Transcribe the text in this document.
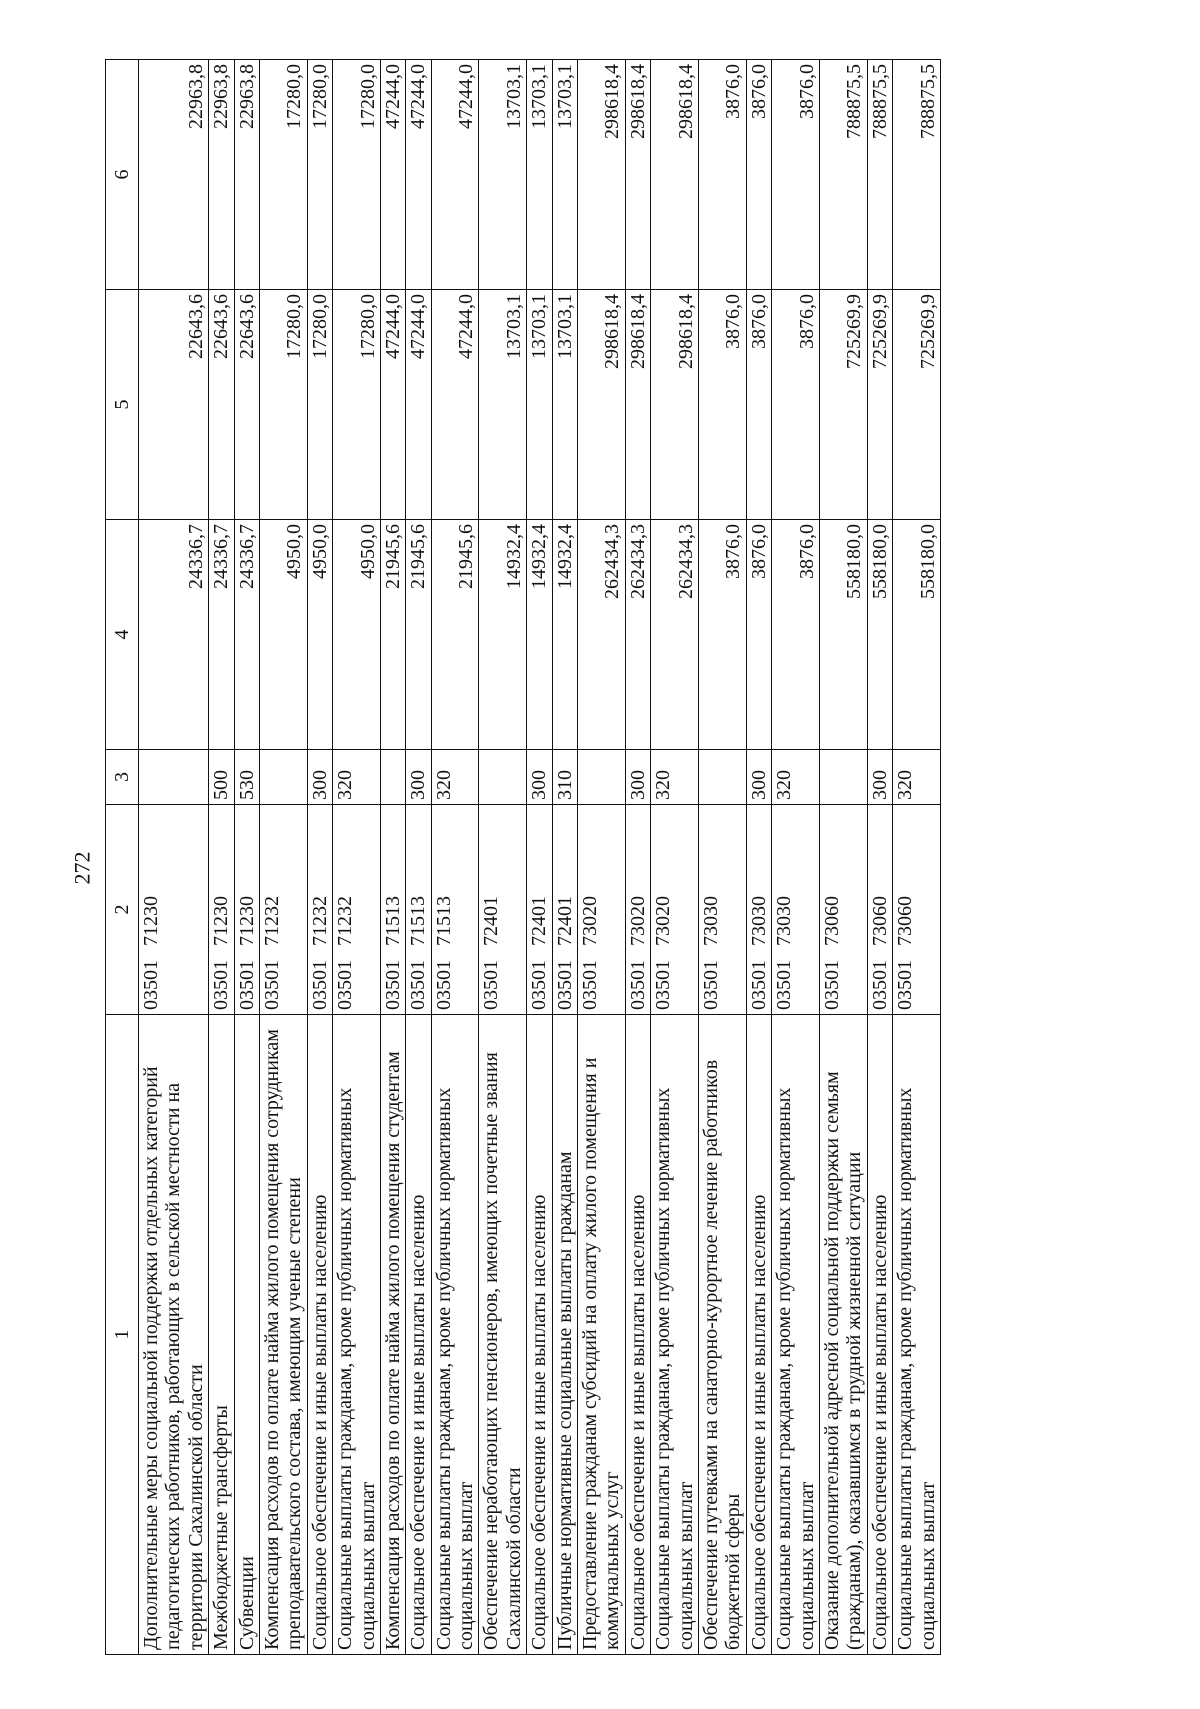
272
1	2	3	4	5	6
Дополнительные меры социальной поддержки отдельных категорий педагогических работников, работающих в сельской местности на территории Сахалинской области	0350171230		24336,7	22643,6	22963,8
Межбюджетные трансферты	0350171230	500	24336,7	22643,6	22963,8
Субвенции	0350171230	530	24336,7	22643,6	22963,8
Компенсация расходов по оплате найма жилого помещения сотрудникам преподавательского состава, имеющим ученые степени	0350171232		4950,0	17280,0	17280,0
Социальное обеспечение и иные выплаты населению	0350171232	300	4950,0	17280,0	17280,0
Социальные выплаты гражданам, кроме публичных нормативных социальных выплат	0350171232	320	4950,0	17280,0	17280,0
Компенсация расходов по оплате найма жилого помещения студентам	0350171513		21945,6	47244,0	47244,0
Социальное обеспечение и иные выплаты населению	0350171513	300	21945,6	47244,0	47244,0
Социальные выплаты гражданам, кроме публичных нормативных социальных выплат	0350171513	320	21945,6	47244,0	47244,0
Обеспечение неработающих пенсионеров, имеющих почетные звания Сахалинской области	0350172401		14932,4	13703,1	13703,1
Социальное обеспечение и иные выплаты населению	0350172401	300	14932,4	13703,1	13703,1
Публичные нормативные социальные выплаты гражданам	0350172401	310	14932,4	13703,1	13703,1
Предоставление гражданам субсидий на оплату жилого помещения и коммунальных услуг	0350173020		262434,3	298618,4	298618,4
Социальное обеспечение и иные выплаты населению	0350173020	300	262434,3	298618,4	298618,4
Социальные выплаты гражданам, кроме публичных нормативных социальных выплат	0350173020	320	262434,3	298618,4	298618,4
Обеспечение путевками на санаторно-курортное лечение работников бюджетной сферы	0350173030		3876,0	3876,0	3876,0
Социальное обеспечение и иные выплаты населению	0350173030	300	3876,0	3876,0	3876,0
Социальные выплаты гражданам, кроме публичных нормативных социальных выплат	0350173030	320	3876,0	3876,0	3876,0
Оказание дополнительной адресной социальной поддержки семьям (гражданам), оказавшимся в трудной жизненной ситуации	0350173060		558180,0	725269,9	788875,5
Социальное обеспечение и иные выплаты населению	0350173060	300	558180,0	725269,9	788875,5
Социальные выплаты гражданам, кроме публичных нормативных социальных выплат	0350173060	320	558180,0	725269,9	788875,5
